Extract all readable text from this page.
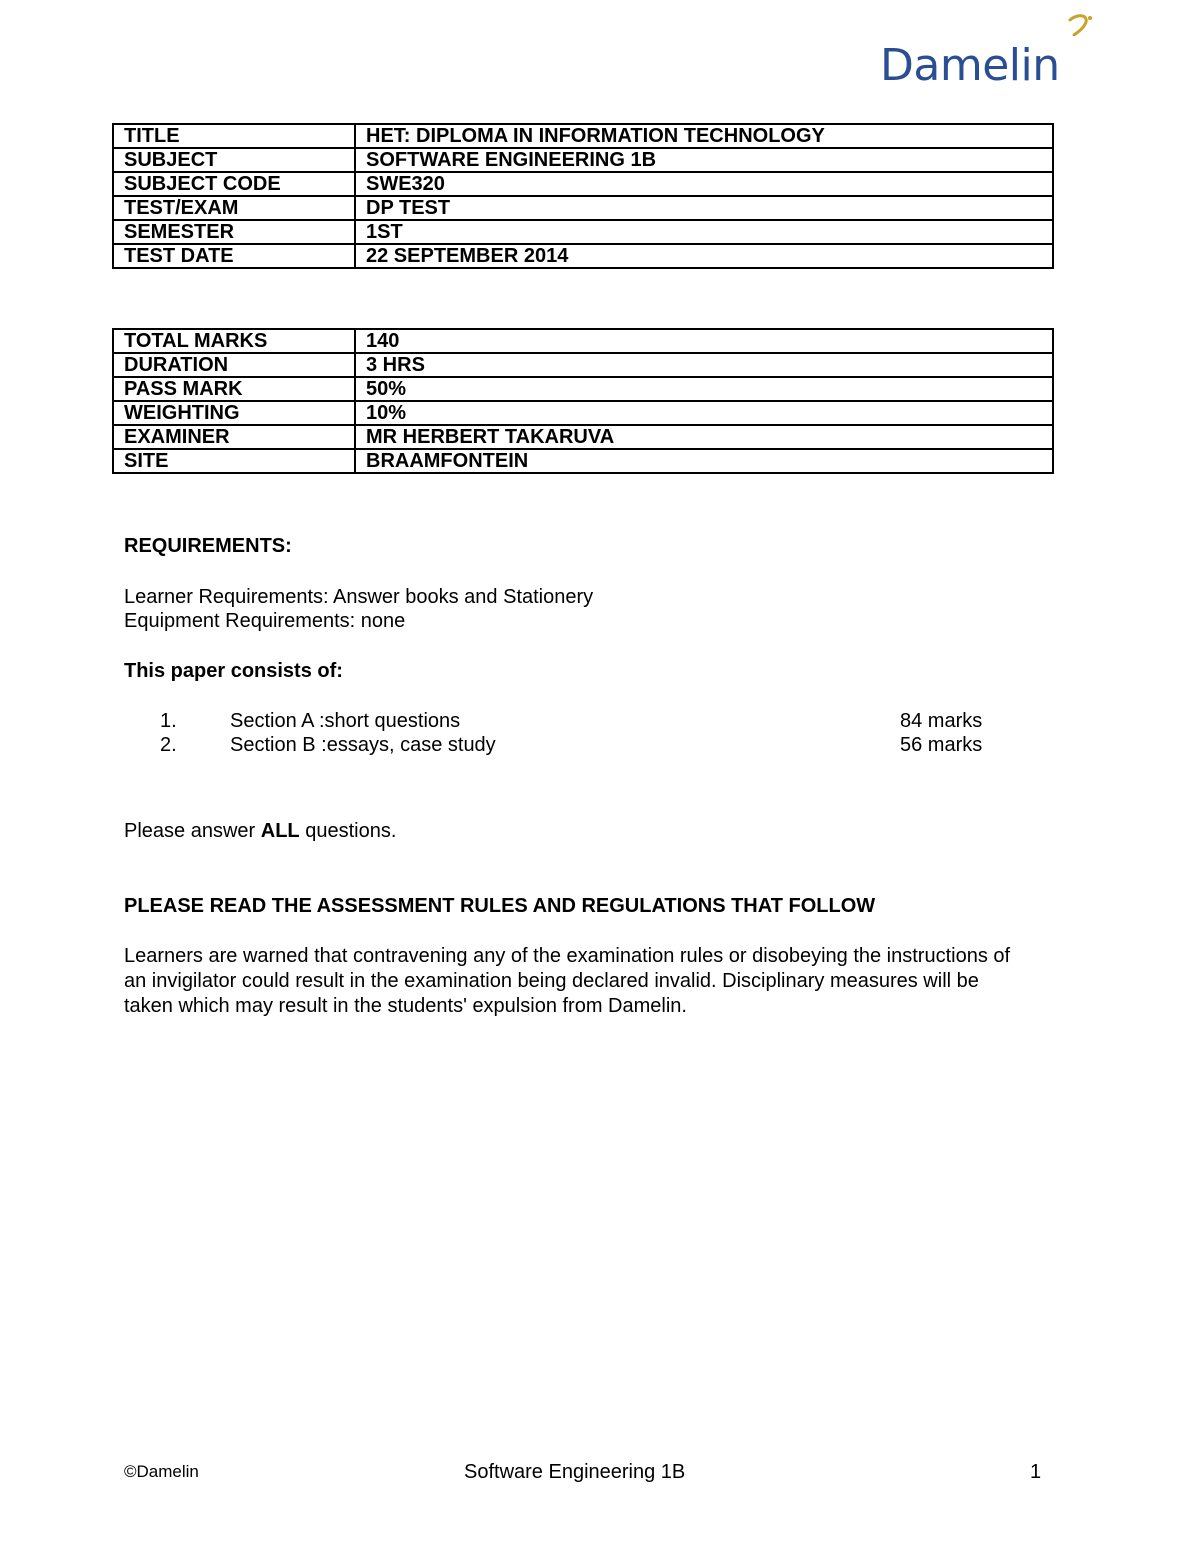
Damelin
TITLE	HET: DIPLOMA IN INFORMATION TECHNOLOGY
SUBJECT	SOFTWARE ENGINEERING 1B
SUBJECT CODE	SWE320
TEST/EXAM	DP TEST
SEMESTER	1ST
TEST DATE	22 SEPTEMBER 2014
TOTAL MARKS	140
DURATION	3 HRS
PASS MARK	50%
WEIGHTING	10%
EXAMINER	MR HERBERT TAKARUVA
SITE	BRAAMFONTEIN
REQUIREMENTS:
Learner Requirements: Answer books and Stationery
Equipment Requirements: none
This paper consists of:
1.	Section A :short questions	84 marks
2.	Section B :essays, case study	56 marks
Please answer ALL questions.
PLEASE READ THE ASSESSMENT RULES AND REGULATIONS THAT FOLLOW
Learners are warned that contravening any of the examination rules or disobeying the instructions of
an invigilator could result in the examination being declared invalid. Disciplinary measures will be
taken which may result in the students' expulsion from Damelin.
©Damelin	Software Engineering 1B	1
